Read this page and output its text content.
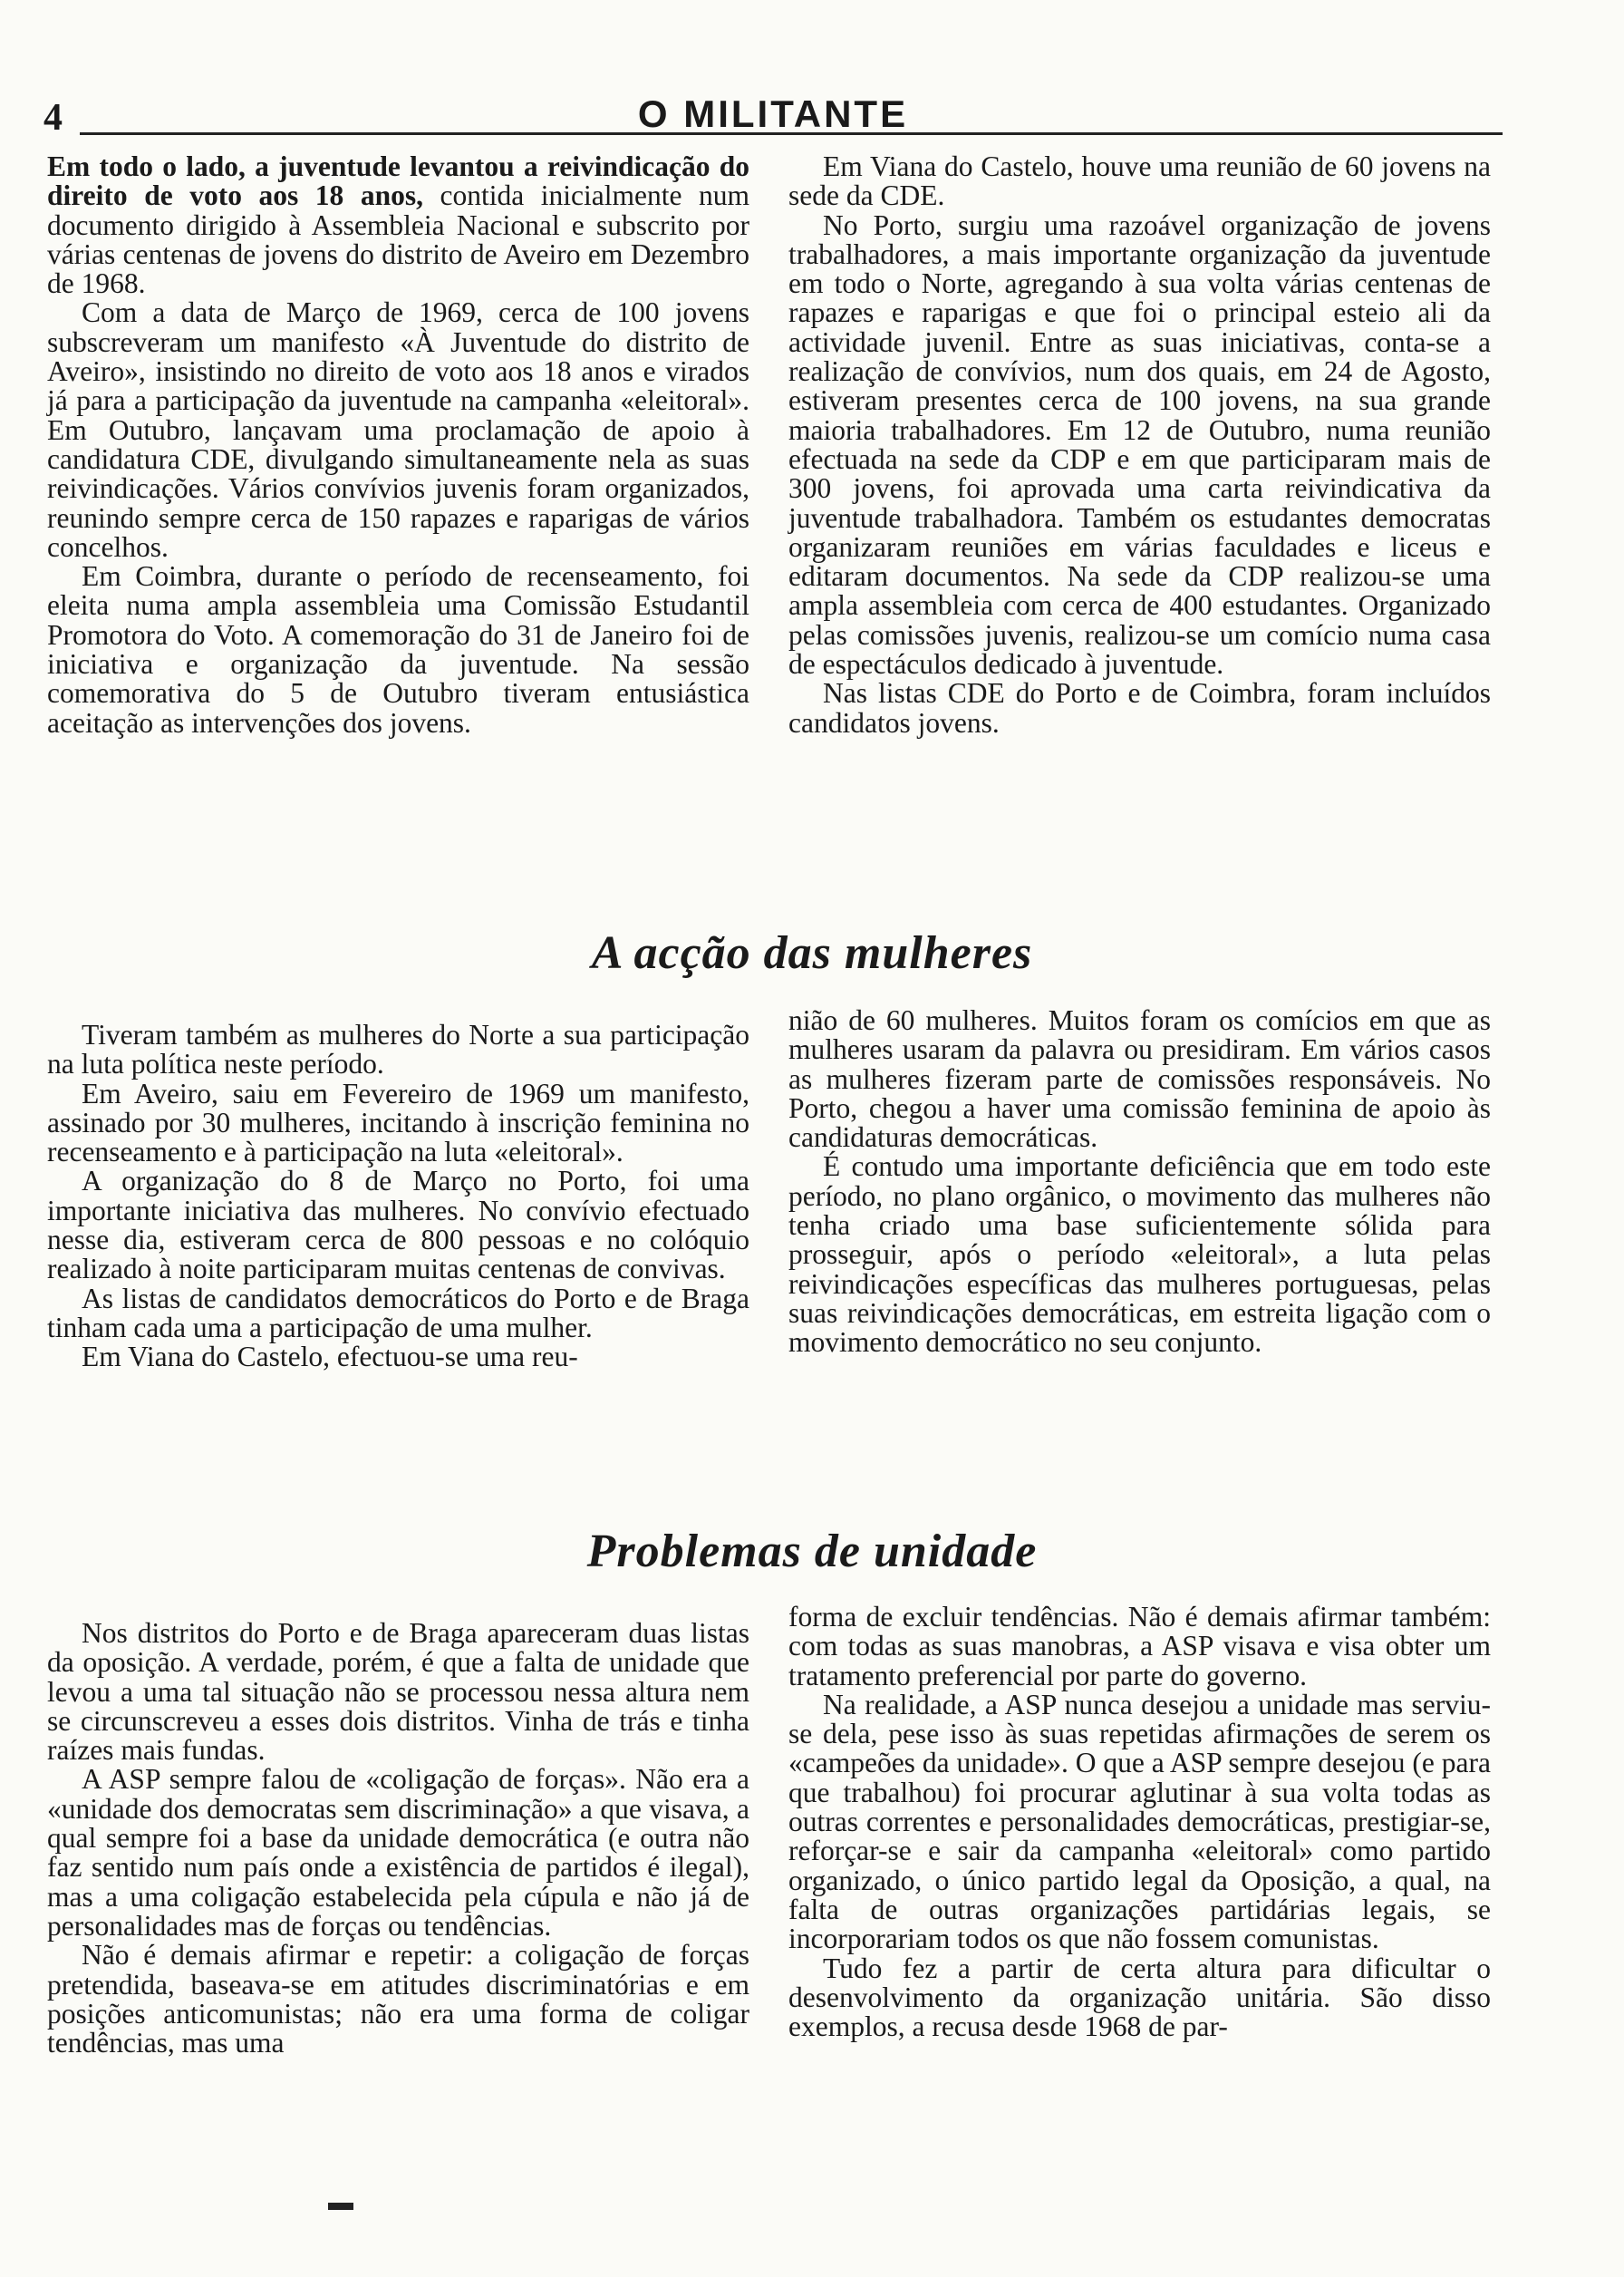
4	O MILITANTE

Em todo o lado, a juventude levantou a reivindicação do direito de voto aos 18 anos, contida inicialmente num documento dirigido à Assembleia Nacional e subscrito por várias centenas de jovens do distrito de Aveiro em Dezembro de 1968.

Com a data de Março de 1969, cerca de 100 jovens subscreveram um manifesto «À Juventude do distrito de Aveiro», insistindo no direito de voto aos 18 anos e virados já para a participação da juventude na campanha «eleitoral». Em Outubro, lançavam uma proclamação de apoio à candidatura CDE, divulgando simultaneamente nela as suas reivindicações. Vários convívios juvenis foram organizados, reunindo sempre cerca de 150 rapazes e raparigas de vários concelhos.

Em Coimbra, durante o período de recenseamento, foi eleita numa ampla assembleia uma Comissão Estudantil Promotora do Voto. A comemoração do 31 de Janeiro foi de iniciativa e organização da juventude. Na sessão comemorativa do 5 de Outubro tiveram entusiástica aceitação as intervenções dos jovens.

Em Viana do Castelo, houve uma reunião de 60 jovens na sede da CDE.

No Porto, surgiu uma razoável organização de jovens trabalhadores, a mais importante organização da juventude em todo o Norte, agregando à sua volta várias centenas de rapazes e raparigas e que foi o principal esteio ali da actividade juvenil. Entre as suas iniciativas, conta-se a realização de convívios, num dos quais, em 24 de Agosto, estiveram presentes cerca de 100 jovens, na sua grande maioria trabalhadores. Em 12 de Outubro, numa reunião efectuada na sede da CDP e em que participaram mais de 300 jovens, foi aprovada uma carta reivindicativa da juventude trabalhadora. Também os estudantes democratas organizaram reuniões em várias faculdades e liceus e editaram documentos. Na sede da CDP realizou-se uma ampla assembleia com cerca de 400 estudantes. Organizado pelas comissões juvenis, realizou-se um comício numa casa de espectáculos dedicado à juventude.

Nas listas CDE do Porto e de Coimbra, foram incluídos candidatos jovens.

A acção das mulheres

Tiveram também as mulheres do Norte a sua participação na luta política neste período.

Em Aveiro, saiu em Fevereiro de 1969 um manifesto, assinado por 30 mulheres, incitando à inscrição feminina no recenseamento e à participação na luta «eleitoral».

A organização do 8 de Março no Porto, foi uma importante iniciativa das mulheres. No convívio efectuado nesse dia, estiveram cerca de 800 pessoas e no colóquio realizado à noite participaram muitas centenas de convivas.

As listas de candidatos democráticos do Porto e de Braga tinham cada uma a participação de uma mulher.

Em Viana do Castelo, efectuou-se uma reu-

nião de 60 mulheres. Muitos foram os comícios em que as mulheres usaram da palavra ou presidiram. Em vários casos as mulheres fizeram parte de comissões responsáveis. No Porto, chegou a haver uma comissão feminina de apoio às candidaturas democráticas.

É contudo uma importante deficiência que em todo este período, no plano orgânico, o movimento das mulheres não tenha criado uma base suficientemente sólida para prosseguir, após o período «eleitoral», a luta pelas reivindicações específicas das mulheres portuguesas, pelas suas reivindicações democráticas, em estreita ligação com o movimento democrático no seu conjunto.

Problemas de unidade

Nos distritos do Porto e de Braga apareceram duas listas da oposição. A verdade, porém, é que a falta de unidade que levou a uma tal situação não se processou nessa altura nem se circunscreveu a esses dois distritos. Vinha de trás e tinha raízes mais fundas.

A ASP sempre falou de «coligação de forças». Não era a «unidade dos democratas sem discriminação» a que visava, a qual sempre foi a base da unidade democrática (e outra não faz sentido num país onde a existência de partidos é ilegal), mas a uma coligação estabelecida pela cúpula e não já de personalidades mas de forças ou tendências.

Não é demais afirmar e repetir: a coligação de forças pretendida, baseava-se em atitudes discriminatórias e em posições anticomunistas; não era uma forma de coligar tendências, mas uma

forma de excluir tendências. Não é demais afirmar também: com todas as suas manobras, a ASP visava e visa obter um tratamento preferencial por parte do governo.

Na realidade, a ASP nunca desejou a unidade mas serviu-se dela, pese isso às suas repetidas afirmações de serem os «campeões da unidade». O que a ASP sempre desejou (e para que trabalhou) foi procurar aglutinar à sua volta todas as outras correntes e personalidades democráticas, prestigiar-se, reforçar-se e sair da campanha «eleitoral» como partido organizado, o único partido legal da Oposição, a qual, na falta de outras organizações partidárias legais, se incorporariam todos os que não fossem comunistas.

Tudo fez a partir de certa altura para dificultar o desenvolvimento da organização unitária. São disso exemplos, a recusa desde 1968 de par-
